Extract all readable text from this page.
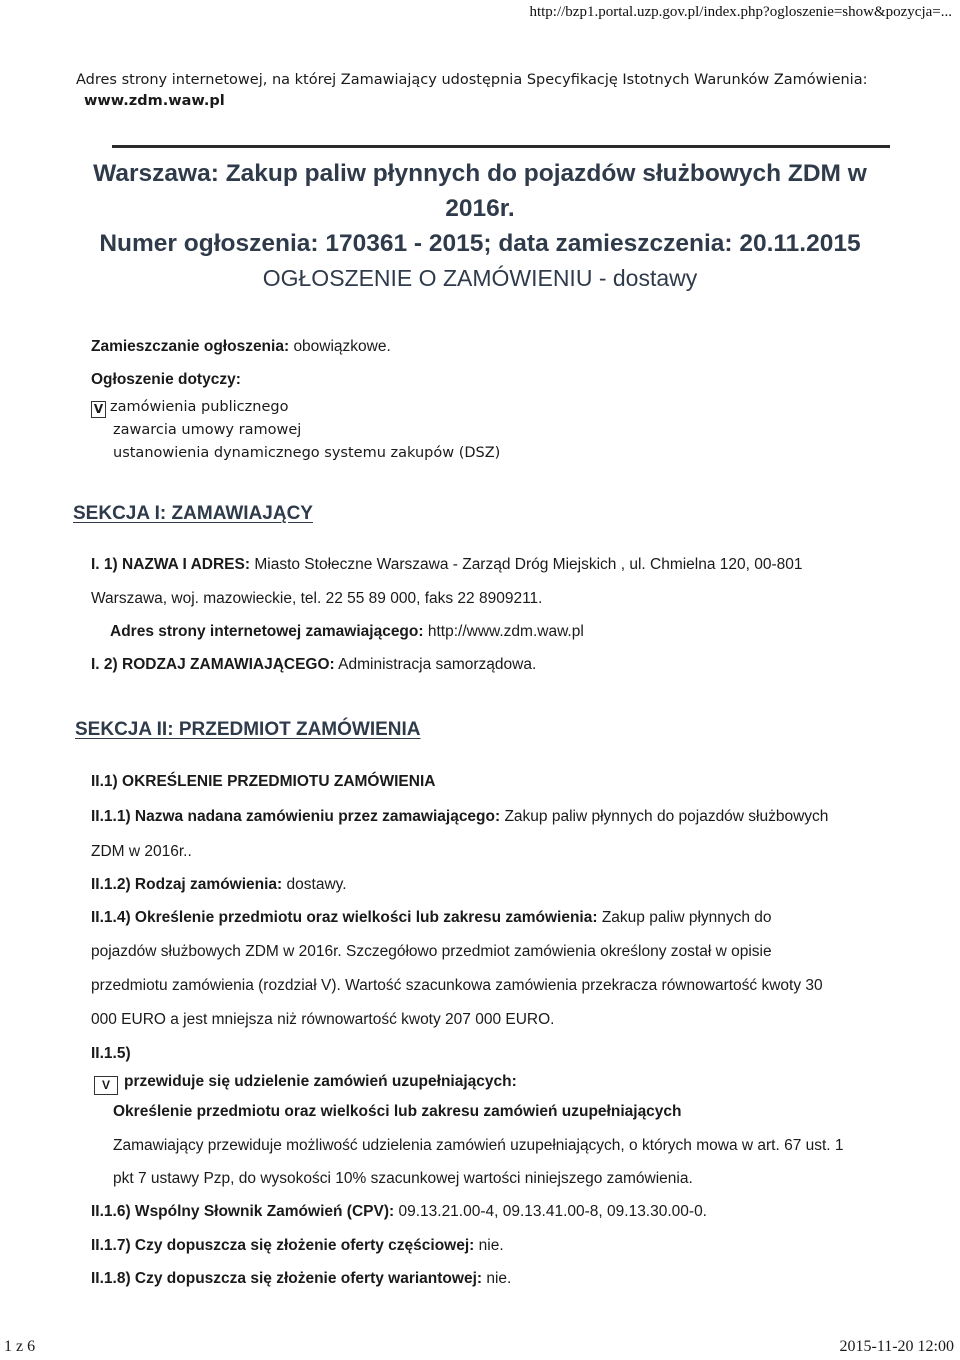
http://bzp1.portal.uzp.gov.pl/index.php?ogloszenie=show&pozycja=...
Adres strony internetowej, na której Zamawiający udostępnia Specyfikację Istotnych Warunków Zamówienia:
www.zdm.waw.pl
Warszawa: Zakup paliw płynnych do pojazdów służbowych ZDM w
2016r.
Numer ogłoszenia: 170361 - 2015; data zamieszczenia: 20.11.2015
OGŁOSZENIE O ZAMÓWIENIU - dostawy
Zamieszczanie ogłoszenia: obowiązkowe.
Ogłoszenie dotyczy:
V zamówienia publicznego
zawarcia umowy ramowej
ustanowienia dynamicznego systemu zakupów (DSZ)
SEKCJA I: ZAMAWIAJĄCY
I. 1) NAZWA I ADRES: Miasto Stołeczne Warszawa - Zarząd Dróg Miejskich , ul. Chmielna 120, 00-801
Warszawa, woj. mazowieckie, tel. 22 55 89 000, faks 22 8909211.
Adres strony internetowej zamawiającego: http://www.zdm.waw.pl
I. 2) RODZAJ ZAMAWIAJĄCEGO: Administracja samorządowa.
SEKCJA II: PRZEDMIOT ZAMÓWIENIA
II.1) OKREŚLENIE PRZEDMIOTU ZAMÓWIENIA
II.1.1) Nazwa nadana zamówieniu przez zamawiającego: Zakup paliw płynnych do pojazdów służbowych
ZDM w 2016r..
II.1.2) Rodzaj zamówienia: dostawy.
II.1.4) Określenie przedmiotu oraz wielkości lub zakresu zamówienia: Zakup paliw płynnych do
pojazdów służbowych ZDM w 2016r. Szczegółowo przedmiot zamówienia określony został w opisie
przedmiotu zamówienia (rozdział V). Wartość szacunkowa zamówienia przekracza równowartość kwoty 30
000 EURO a jest mniejsza niż równowartość kwoty 207 000 EURO.
II.1.5)
V przewiduje się udzielenie zamówień uzupełniających:
Określenie przedmiotu oraz wielkości lub zakresu zamówień uzupełniających
Zamawiający przewiduje możliwość udzielenia zamówień uzupełniających, o których mowa w art. 67 ust. 1
pkt 7 ustawy Pzp, do wysokości 10% szacunkowej wartości niniejszego zamówienia.
II.1.6) Wspólny Słownik Zamówień (CPV): 09.13.21.00-4, 09.13.41.00-8, 09.13.30.00-0.
II.1.7) Czy dopuszcza się złożenie oferty częściowej: nie.
II.1.8) Czy dopuszcza się złożenie oferty wariantowej: nie.
1 z 6	2015-11-20 12:00
